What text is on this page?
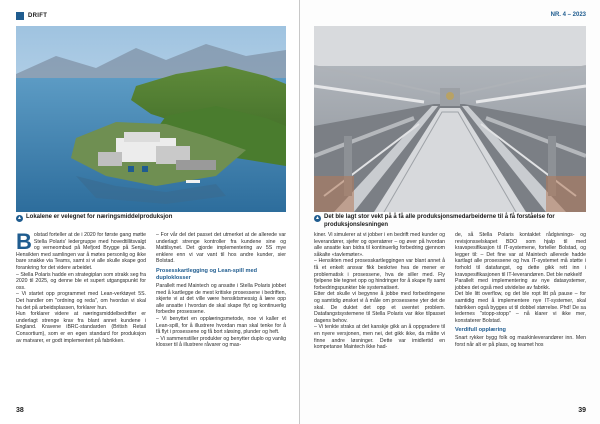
DRIFT
▲ Lokalene er velegnet for næringsmiddelproduksjon

Bolstad forteller at de i 2020 for første gang møtte Stella Polaris' ledergruppe med hovedtillitsvalgt og verneombud på Mefjord Brygge på Senja. Hensikten med samlingen var å møtes personlig og ikke bare snakke via Teams, samt si vi alle skulle skape god forankring for det videre arbeidet.

– Stella Polaris hadde en strategiplan som strakk seg fra 2020 til 2025, og denne ble et supert utgangspunkt for oss.

– Vi startet opp programmet med Lean-verktøyet 5S. Det handler om "ordning og reda", om hvordan vi skal ha det på arbeidsplassen, forklarer hun.

Hun forklarer videre at næringsmiddelbedrifter er underlagt strenge krav fra blant annet kundene i England. Kravene iBRC-standarden (British Retail Consortium), som er en egen standard for produksjon av matvarer, er godt implementert på fabrikken.

– For vår del det passet det utmerket at de allerede var underlagt strenge kontroller fra kundene sine og Mattilsynet. Det gjorde implementering av 5S mye enklere enn vi var vant til hos andre kunder, sier Bolstad.

Prosesskartlegging og Lean-spill med duploklosser

Parallelt med Maintech og ansatte i Stella Polaris jobbet med å kartlegge de mest kritiske prosessene i bedriften, skjerte vi at det ville være hensiktsmessig å lære opp alle ansatte i hvordan de skal skape flyt og kontinuerlig forbedre prosessene.

– Vi benyttet en opplæringsmetode, noe vi kaller et Lean-spill, for å illustrere hvordan man skal tenke for å få flyt i prosessene og få bort sløsing, plunder og heft.

– Vi sammenstiller produkter og benytter duplo og vanlig klosser til å illustrere råvarer og mas-

38
NR. 4 – 2023
▲ Det ble lagt stor vekt på å få alle produksjonsmedarbeiderne til å få forståelse for produksjonslesningen

kiner. Vi simulerer at vi jobber i en bedrift med kunder og leverandører, sjefer og operatører – og øver på hvordan alle ansatte kan bidra til kontinuerlig forbedring gjennom såkalte «tavlemøter».

– Hensikten med prosesskartleggingen var blant annet å få et enkelt ansvar fikk beskrive hva de mener er problematisk i prosessene, hva de siller med. Fly fjelpene ble tegnet opp og hindringer for å skape fly samt forbedringspunkter ble systematisert.

Etter det skulle vi begynne å jobbe med forbedringene og samtidig ønsket vi å måle om prosessene yter det de skal. De duktet det opp et uventet problem. Datafangstsystemene til Stella Polaris var ikke tilpasset dagens behov.

– Vi tenkte straks at det kanskje gikk an å oppgradere til en nyere versjonen, men nei, det gikk ikke, da måtte vi finne andre løsninger. Dette var imidlertid en kompetanse Maintech ikke had-

de, så Stella Polaris kontaktet rådgivnings- og revisjonsselskapet BDO som hjalp til med kravspesifikasjon til IT-systemene, forteller Bolstad, og legger til: – Det fine var at Maintech allerede hadde kartlagt alle prosessene og hva IT-systemet må støtte i forhold til datafangst, og dette gikk rett inn i kravspesifikasjonen til IT-leverandøren. Det ble nøkkelt!

Parallelt med implementering av nye datasystemer, jobbes det også med utvidelse av fabrikk.

Det ble litt overflow, og det ble ropt litt på pause – for samtidig med å implementere nye IT-systemer, skal fabrikken også bygges ut til dobbel størrelse. Phd! De sa ledernes "stopp-stopp" – nå klarer vi ikke mer, konstaterer Bolstad.

Verdifull opplæring

Snart rykker bygg folk og maskinleverandører inn. Men forst når alt er på plass, og teamet hos

39
